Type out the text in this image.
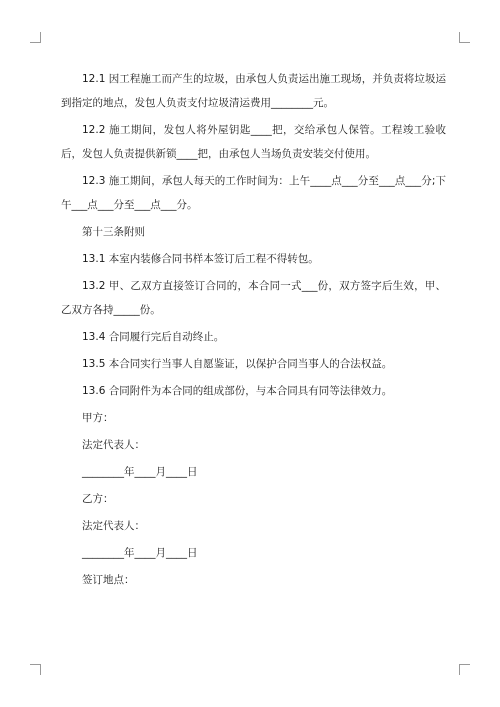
12.1 因工程施工而产生的垃圾，由承包人负责运出施工现场，并负责将垃圾运到指定的地点，发包人负责支付垃圾清运费用________元。

12.2 施工期间，发包人将外屋钥匙____把，交给承包人保管。工程竣工验收后，发包人负责提供新锁____把，由承包人当场负责安装交付使用。

12.3 施工期间，承包人每天的工作时间为：上午____点___分至___点___分;下午___点___分至___点___分。

第十三条附则

13.1 本室内装修合同书样本签订后工程不得转包。

13.2 甲、乙双方直接签订合同的，本合同一式___份，双方签字后生效，甲、乙双方各持_____份。

13.4 合同履行完后自动终止。

13.5 本合同实行当事人自愿鉴证，以保护合同当事人的合法权益。

13.6 合同附件为本合同的组成部份，与本合同具有同等法律效力。

甲方：

法定代表人：

________年____月____日

乙方：

法定代表人：

________年____月____日

签订地点：
